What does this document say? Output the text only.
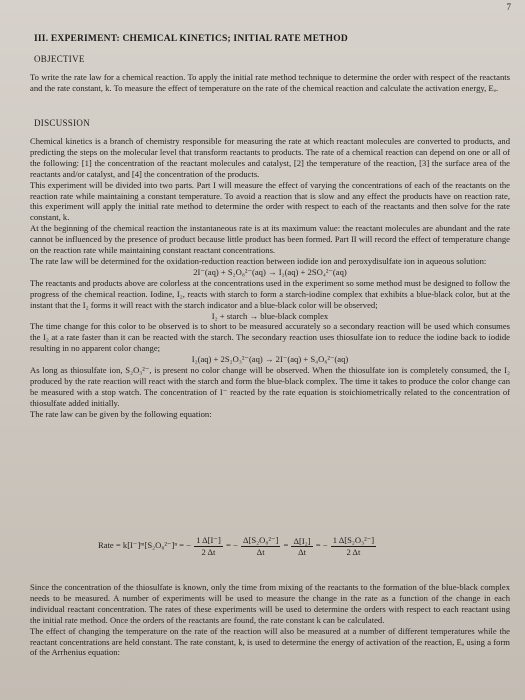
7
III. EXPERIMENT: CHEMICAL KINETICS; INITIAL RATE METHOD
OBJECTIVE

To write the rate law for a chemical reaction. To apply the initial rate method technique to determine the order with respect of the reactants and the rate constant, k. To measure the effect of temperature on the rate of the chemical reaction and calculate the activation energy, Eₐ.

DISCUSSION

Chemical kinetics is a branch of chemistry responsible for measuring the rate at which reactant molecules are converted to products, and predicting the steps on the molecular level that transform reactants to products. The rate of a chemical reaction can depend on one or all of the following: [1] the concentration of the reactant molecules and catalyst, [2] the temperature of the reaction, [3] the surface area of the reactants and/or catalyst, and [4] the concentration of the products.

This experiment will be divided into two parts. Part I will measure the effect of varying the concentrations of each of the reactants on the reaction rate while maintaining a constant temperature. To avoid a reaction that is slow and any effect the products have on reaction rate, this experiment will apply the initial rate method to determine the order with respect to each of the reactants and then solve for the rate constant, k.

At the beginning of the chemical reaction the instantaneous rate is at its maximum value: the reactant molecules are abundant and the rate cannot be influenced by the presence of product because little product has been formed. Part II will record the effect of temperature change on the reaction rate while maintaining constant reactant concentrations.

The rate law will be determined for the oxidation-reduction reaction between iodide ion and peroxydisulfate ion in aqueous solution:

2I⁻(aq) + S₂O₈²⁻(aq) → I₂(aq) + 2SO₄²⁻(aq)

The reactants and products above are colorless at the concentrations used in the experiment so some method must be designed to follow the progress of the chemical reaction. Iodine, I₂, reacts with starch to form a starch-iodine complex that exhibits a blue-black color, but at the instant that the I₂ forms it will react with the starch indicator and a blue-black color will be observed;

I₂ + starch → blue-black complex

The time change for this color to be observed is to short to be measured accurately so a secondary reaction will be used which consumes the I₂ at a rate faster than it can be reacted with the starch. The secondary reaction uses thiosulfate ion to reduce the iodine back to iodide resulting in no apparent color change;

I₂(aq) + 2S₂O₃²⁻(aq) → 2I⁻(aq) + S₄O₆²⁻(aq)

As long as thiosulfate ion, S₂O₃²⁻, is present no color change will be observed. When the thiosulfate ion is completely consumed, the I₂ produced by the rate reaction will react with the starch and form the blue-black complex. The time it takes to produce the color change can be measured with a stop watch. The concentration of I⁻ reacted by the rate equation is stoichiometrically related to the concentration of thiosulfate added initially.

The rate law can be given by the following equation:

Rate = k[I⁻]ᵐ[S₂O₈²⁻]ⁿ = − $\frac{1 \Delta[I^-]}{2 \Delta t}$ = − $\frac{\text{Δ[S₂O₈²⁻]}}{\Delta t} = \frac{\text{Δ[I₂]}}{\Delta t}$ = − $\frac{\text{1 Δ[S₂O₃²⁻]}}{2 \Delta t}$

Since the concentration of the thiosulfate is known, only the time from mixing of the reactants to the formation of the blue-black complex needs to be measured. A number of experiments will be used to measure the change in the rate as a function of the change in each individual reactant concentration. The rates of these experiments will be used to determine the orders with respect to each reactant using the initial rate method. Once the orders of the reactants are found, the rate constant k can be calculated.

The effect of changing the temperature on the rate of the reaction will also be measured at a number of different temperatures while the reactant concentrations are held constant. The rate constant, k, is used to determine the energy of activation of the reaction, Eₐ using a form of the Arrhenius equation:
